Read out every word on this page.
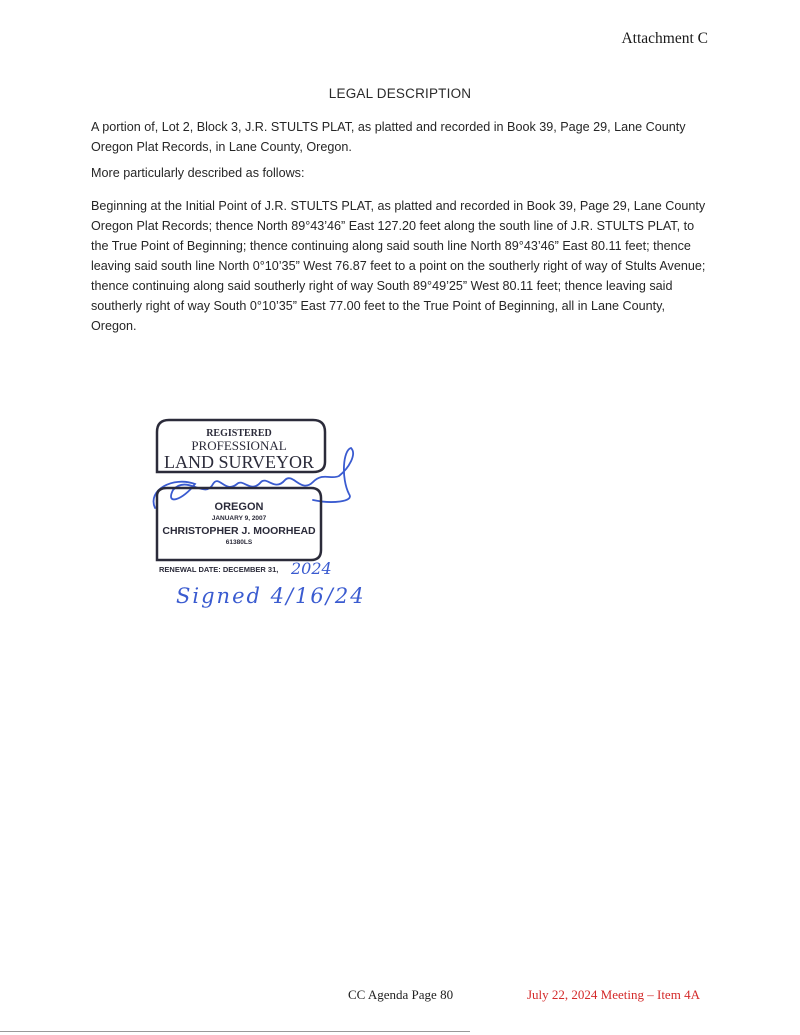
Attachment C
LEGAL DESCRIPTION
A portion of, Lot 2, Block 3, J.R. STULTS PLAT, as platted and recorded in Book 39, Page 29, Lane County Oregon Plat Records, in Lane County, Oregon.
More particularly described as follows:
Beginning at the Initial Point of J.R. STULTS PLAT, as platted and recorded in Book 39, Page 29, Lane County Oregon Plat Records; thence North 89°43’46” East 127.20 feet along the south line of J.R. STULTS PLAT, to the True Point of Beginning; thence continuing along said south line North 89°43’46” East 80.11 feet; thence leaving said south line North 0°10’35” West 76.87 feet to a point on the southerly right of way of Stults Avenue; thence continuing along said southerly right of way South 89°49’25” West 80.11 feet; thence leaving said southerly right of way South 0°10’35” East 77.00 feet to the True Point of Beginning, all in Lane County, Oregon.
REGISTERED
PROFESSIONAL
LAND SURVEYOR
OREGON
JANUARY 9, 2007
CHRISTOPHER J. MOORHEAD
61380LS
RENEWAL DATE: DECEMBER 31, 2024
Signed 4/16/24
CC Agenda Page 80	July 22, 2024 Meeting – Item 4A
